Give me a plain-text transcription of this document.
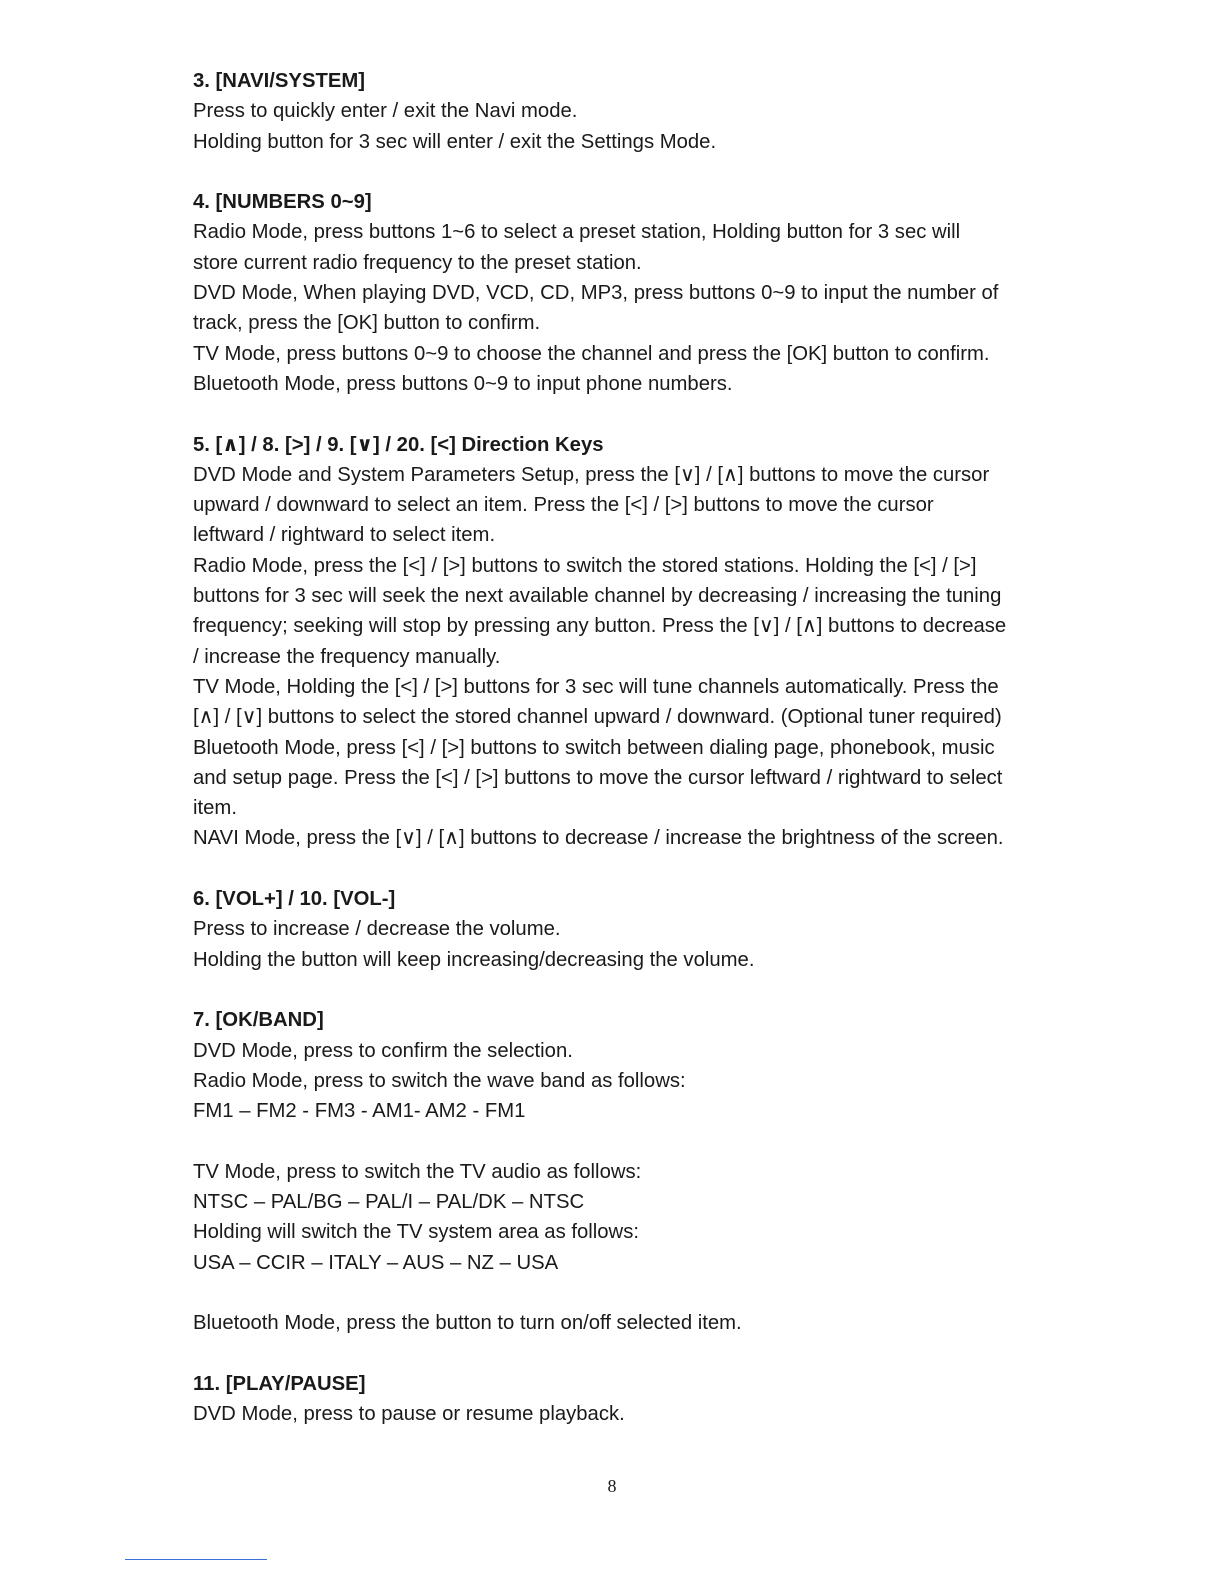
3. [NAVI/SYSTEM]
Press to quickly enter / exit the Navi mode.
Holding button for 3 sec will enter / exit the Settings Mode.
4. [NUMBERS 0~9]
Radio Mode, press buttons 1~6 to select a preset station, Holding button for 3 sec will
store current radio frequency to the preset station.
DVD Mode, When playing DVD, VCD, CD, MP3, press buttons 0~9 to input the number of
track, press the [OK] button to confirm.
TV Mode, press buttons 0~9 to choose the channel and press the [OK] button to confirm.
Bluetooth Mode, press buttons 0~9 to input phone numbers.
5. [∧] / 8. [>] / 9. [∨] / 20. [<] Direction Keys
DVD Mode and System Parameters Setup, press the [∨] / [∧] buttons to move the cursor
upward / downward to select an item. Press the [<] / [>] buttons to move the cursor
leftward / rightward to select item.
Radio Mode, press the [<] / [>] buttons to switch the stored stations. Holding the [<] / [>]
buttons for 3 sec will seek the next available channel by decreasing / increasing the tuning
frequency; seeking will stop by pressing any button. Press the [∨] / [∧] buttons to decrease
/ increase the frequency manually.
TV Mode, Holding the [<] / [>] buttons for 3 sec will tune channels automatically. Press the
[∧] / [∨] buttons to select the stored channel upward / downward. (Optional tuner required)
Bluetooth Mode, press [<] / [>] buttons to switch between dialing page, phonebook, music
and setup page. Press the [<] / [>] buttons to move the cursor leftward / rightward to select
item.
NAVI Mode, press the [∨] / [∧] buttons to decrease / increase the brightness of the screen.
6. [VOL+] / 10. [VOL-]
Press to increase / decrease the volume.
Holding the button will keep increasing/decreasing the volume.
7. [OK/BAND]
DVD Mode, press to confirm the selection.
Radio Mode, press to switch the wave band as follows:
FM1 – FM2 - FM3 - AM1- AM2 - FM1
TV Mode, press to switch the TV audio as follows:
NTSC – PAL/BG – PAL/I – PAL/DK – NTSC
Holding will switch the TV system area as follows:
USA – CCIR – ITALY – AUS – NZ – USA
Bluetooth Mode, press the button to turn on/off selected item.
11. [PLAY/PAUSE]
DVD Mode, press to pause or resume playback.
8
